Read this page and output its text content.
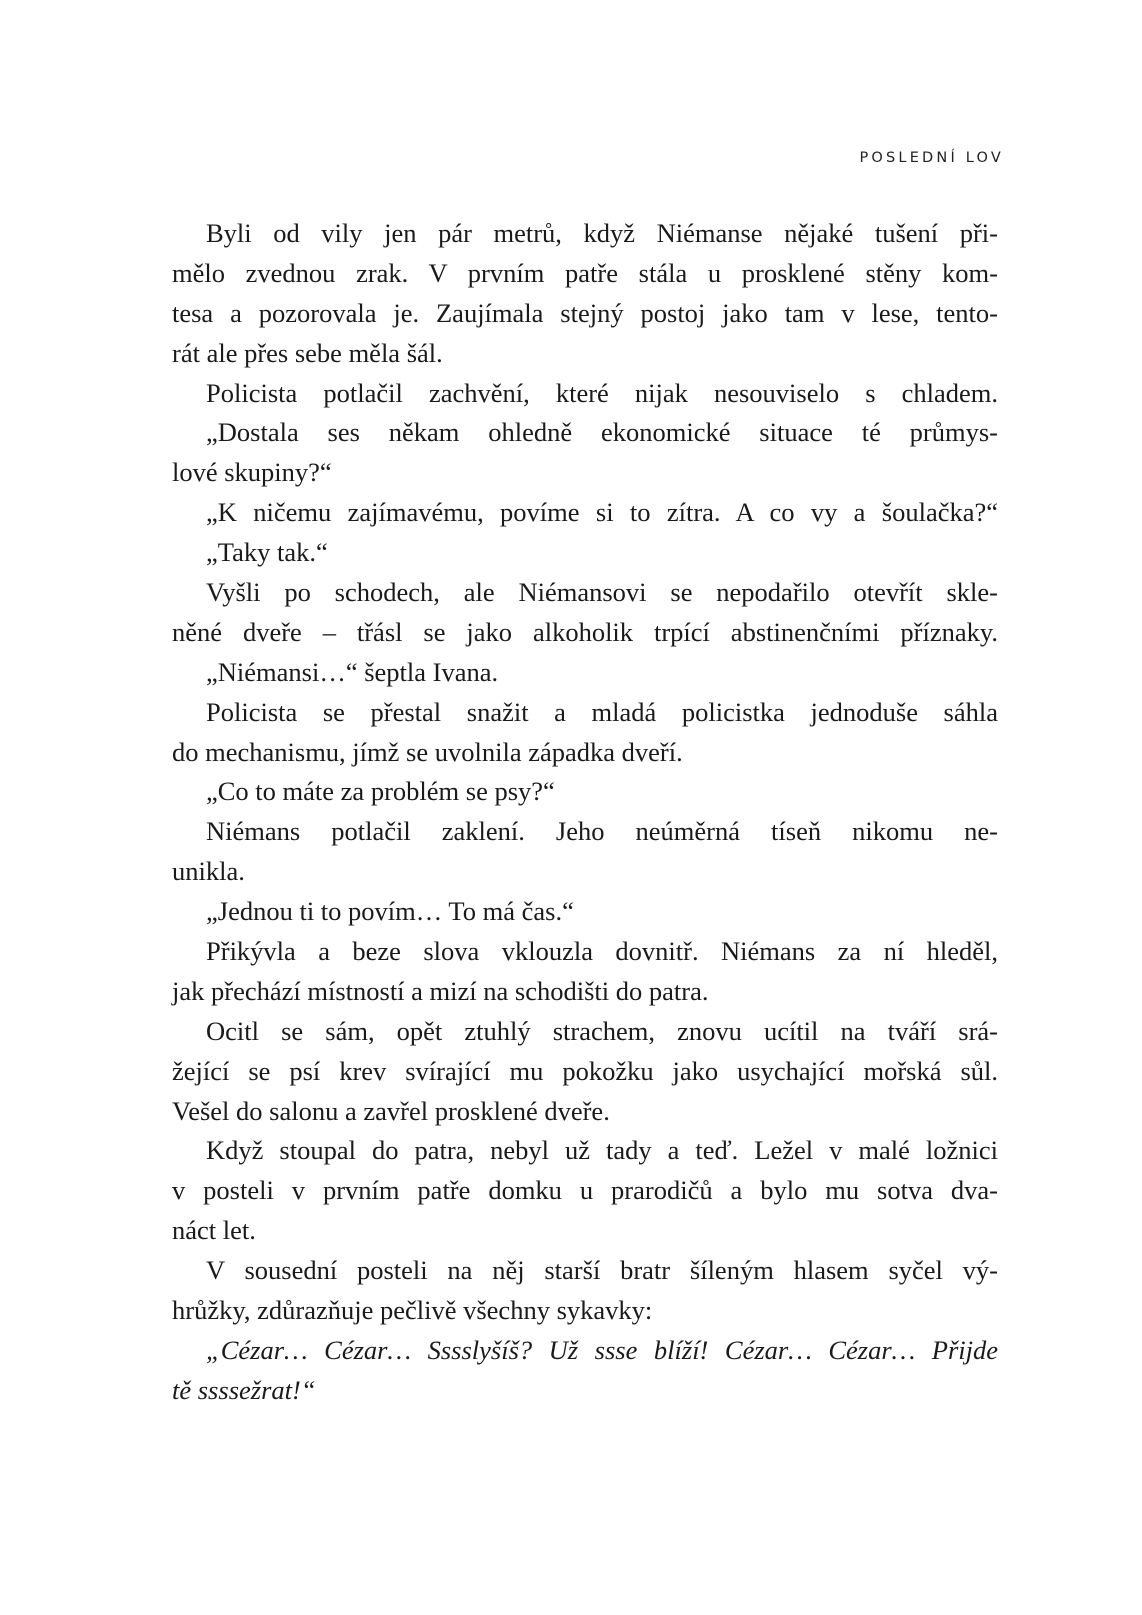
POSLEDNÍ LOV
Byli od vily jen pár metrů, když Niémanse nějaké tušení při-
mělo zvednou zrak. V prvním patře stála u prosklené stěny kom-
tesa a pozorovala je. Zaujímala stejný postoj jako tam v lese, tento-
rát ale přes sebe měla šál.
Policista potlačil zachvění, které nijak nesouviselo s chladem.
„Dostala ses někam ohledně ekonomické situace té průmys-
lové skupiny?“
„K ničemu zajímavému, povíme si to zítra. A co vy a šoulačka?“
„Taky tak.“
Vyšli po schodech, ale Niémansovi se nepodařilo otevřít skle-
něné dveře – třásl se jako alkoholik trpící abstinenčními příznaky.
„Niémansi…“ šeptla Ivana.
Policista se přestal snažit a mladá policistka jednoduše sáhla
do mechanismu, jímž se uvolnila západka dveří.
„Co to máte za problém se psy?“
Niémans potlačil zaklení. Jeho neúměrná tíseň nikomu ne-
unikla.
„Jednou ti to povím… To má čas.“
Přikývla a beze slova vklouzla dovnitř. Niémans za ní hleděl,
jak přechází místností a mizí na schodišti do patra.
Ocitl se sám, opět ztuhlý strachem, znovu ucítil na tváří srá-
žející se psí krev svírající mu pokožku jako usychající mořská sůl.
Vešel do salonu a zavřel prosklené dveře.
Když stoupal do patra, nebyl už tady a teď. Ležel v malé ložnici
v posteli v prvním patře domku u prarodičů a bylo mu sotva dva-
náct let.
V sousední posteli na něj starší bratr šíleným hlasem syčel vý-
hrůžky, zdůrazňuje pečlivě všechny sykavky:
„Cézar… Cézar… Sssslyšíš? Už ssse blíží! Cézar… Cézar… Přijde
tě ssssežrat!“
